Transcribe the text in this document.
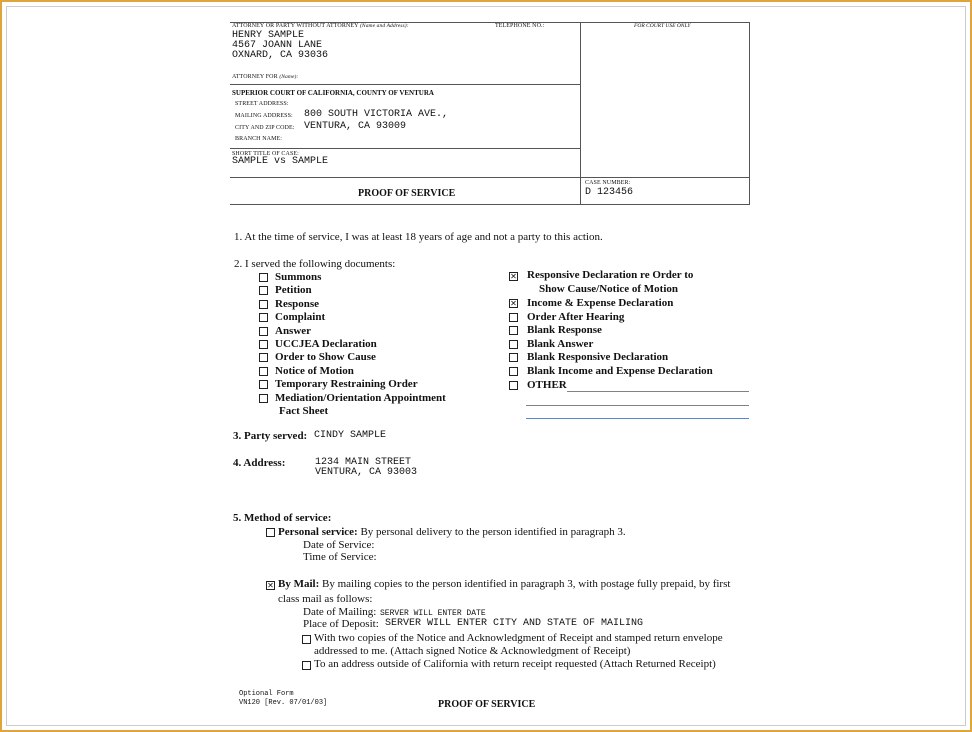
ATTORNEY OR PARTY WITHOUT ATTORNEY (Name and Address):	TELEPHONE NO.:	FOR COURT USE ONLY
HENRY SAMPLE
4567 JOANN LANE
OXNARD, CA 93036
ATTORNEY FOR (Name):
SUPERIOR COURT OF CALIFORNIA, COUNTY OF VENTURA
STREET ADDRESS:
MAILING ADDRESS: 800 SOUTH VICTORIA AVE.,
CITY AND ZIP CODE: VENTURA, CA 93009
BRANCH NAME:
SHORT TITLE OF CASE:
SAMPLE vs SAMPLE
PROOF OF SERVICE
CASE NUMBER:
D 123456
1. At the time of service, I was at least 18 years of age and not a party to this action.
2. I served the following documents:
Summons
Petition
Response
Complaint
Answer
UCCJEA Declaration
Order to Show Cause
Notice of Motion
Temporary Restraining Order
Mediation/Orientation Appointment
Fact Sheet
✕ Responsive Declaration re Order to
Show Cause/Notice of Motion
✕ Income & Expense Declaration
Order After Hearing
Blank Response
Blank Answer
Blank Responsive Declaration
Blank Income and Expense Declaration
OTHER
3. Party served: CINDY SAMPLE
4. Address:	1234 MAIN STREET
VENTURA, CA 93003
5. Method of service:
Personal service: By personal delivery to the person identified in paragraph 3.
Date of Service:
Time of Service:
✕ By Mail: By mailing copies to the person identified in paragraph 3, with postage fully prepaid, by first
class mail as follows:
Date of Mailing: SERVER WILL ENTER DATE
Place of Deposit: SERVER WILL ENTER CITY AND STATE OF MAILING
With two copies of the Notice and Acknowledgment of Receipt and stamped return envelope
addressed to me. (Attach signed Notice & Acknowledgment of Receipt)
To an address outside of California with return receipt requested (Attach Returned Receipt)
Optional Form
VN120 [Rev. 07/01/03]	PROOF OF SERVICE
